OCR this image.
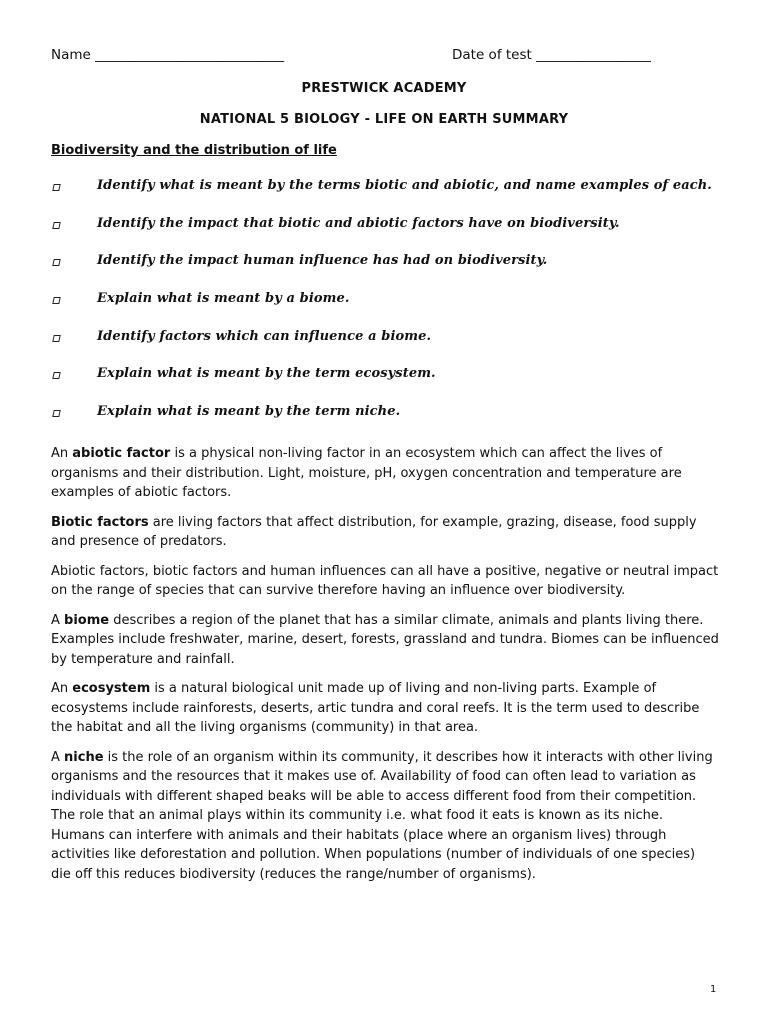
Name ____________________________	Date of test _________________
PRESTWICK ACADEMY
NATIONAL 5 BIOLOGY - LIFE ON EARTH SUMMARY
Biodiversity and the distribution of life
Identify what is meant by the terms biotic and abiotic, and name examples of each.
Identify the impact that biotic and abiotic factors have on biodiversity.
Identify the impact human influence has had on biodiversity.
Explain what is meant by a biome.
Identify factors which can influence a biome.
Explain what is meant by the term ecosystem.
Explain what is meant by the term niche.

An abiotic factor is a physical non-living factor in an ecosystem which can affect the lives of organisms and their distribution. Light, moisture, pH, oxygen concentration and temperature are examples of abiotic factors.

Biotic factors are living factors that affect distribution, for example, grazing, disease, food supply and presence of predators.

Abiotic factors, biotic factors and human influences can all have a positive, negative or neutral impact on the range of species that can survive therefore having an influence over biodiversity.

A biome describes a region of the planet that has a similar climate, animals and plants living there. Examples include freshwater, marine, desert, forests, grassland and tundra. Biomes can be influenced by temperature and rainfall.

An ecosystem is a natural biological unit made up of living and non-living parts. Example of ecosystems include rainforests, deserts, artic tundra and coral reefs. It is the term used to describe the habitat and all the living organisms (community) in that area.

A niche is the role of an organism within its community, it describes how it interacts with other living organisms and the resources that it makes use of. Availability of food can often lead to variation as individuals with different shaped beaks will be able to access different food from their competition. The role that an animal plays within its community i.e. what food it eats is known as its niche. Humans can interfere with animals and their habitats (place where an organism lives) through activities like deforestation and pollution. When populations (number of individuals of one species) die off this reduces biodiversity (reduces the range/number of organisms).

1
